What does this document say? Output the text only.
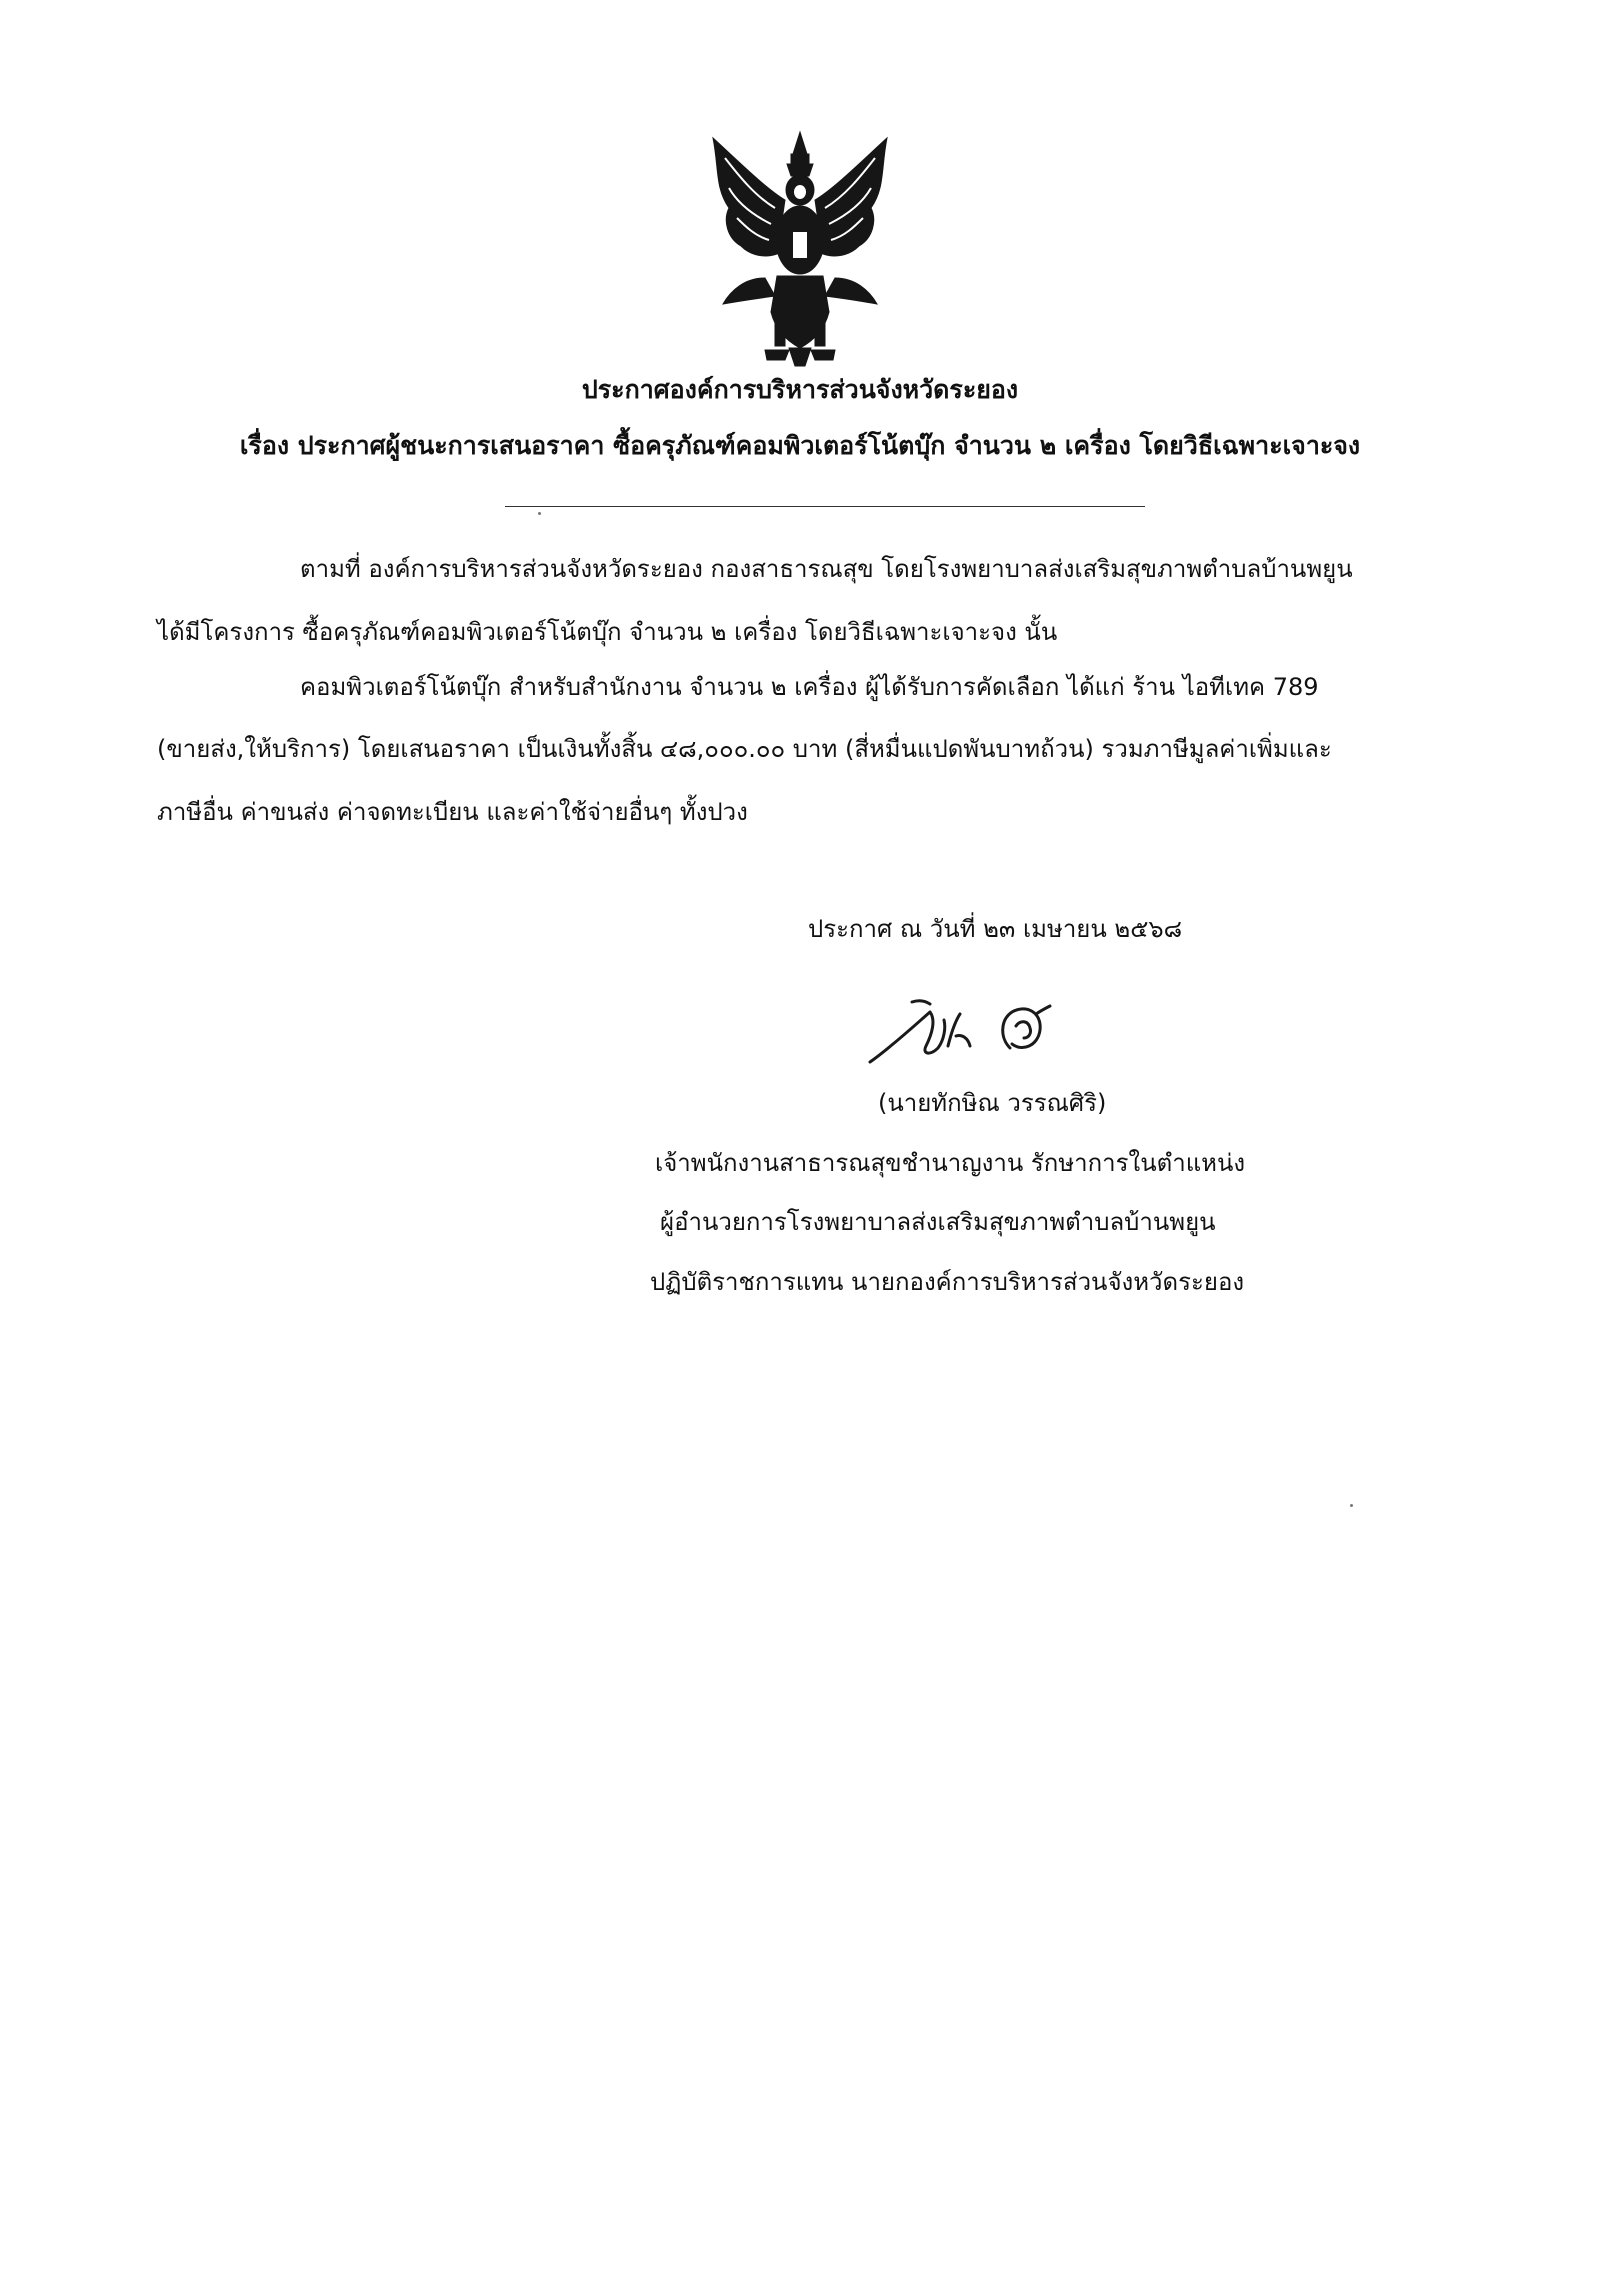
ประกาศองค์การบริหารส่วนจังหวัดระยอง
เรื่อง ประกาศผู้ชนะการเสนอราคา ซื้อครุภัณฑ์คอมพิวเตอร์โน้ตบุ๊ก จำนวน ๒ เครื่อง โดยวิธีเฉพาะเจาะจง
ตามที่ องค์การบริหารส่วนจังหวัดระยอง กองสาธารณสุข โดยโรงพยาบาลส่งเสริมสุขภาพตำบลบ้านพยูน
ได้มีโครงการ ซื้อครุภัณฑ์คอมพิวเตอร์โน้ตบุ๊ก จำนวน ๒ เครื่อง โดยวิธีเฉพาะเจาะจง นั้น
คอมพิวเตอร์โน้ตบุ๊ก สำหรับสำนักงาน จำนวน ๒ เครื่อง ผู้ได้รับการคัดเลือก ได้แก่ ร้าน ไอทีเทค 789
(ขายส่ง,ให้บริการ) โดยเสนอราคา เป็นเงินทั้งสิ้น ๔๘,๐๐๐.๐๐ บาท (สี่หมื่นแปดพันบาทถ้วน) รวมภาษีมูลค่าเพิ่มและ
ภาษีอื่น ค่าขนส่ง ค่าจดทะเบียน และค่าใช้จ่ายอื่นๆ ทั้งปวง
ประกาศ ณ วันที่ ๒๓ เมษายน ๒๕๖๘
(นายทักษิณ วรรณศิริ)
เจ้าพนักงานสาธารณสุขชำนาญงาน รักษาการในตำแหน่ง
ผู้อำนวยการโรงพยาบาลส่งเสริมสุขภาพตำบลบ้านพยูน
ปฏิบัติราชการแทน นายกองค์การบริหารส่วนจังหวัดระยอง
